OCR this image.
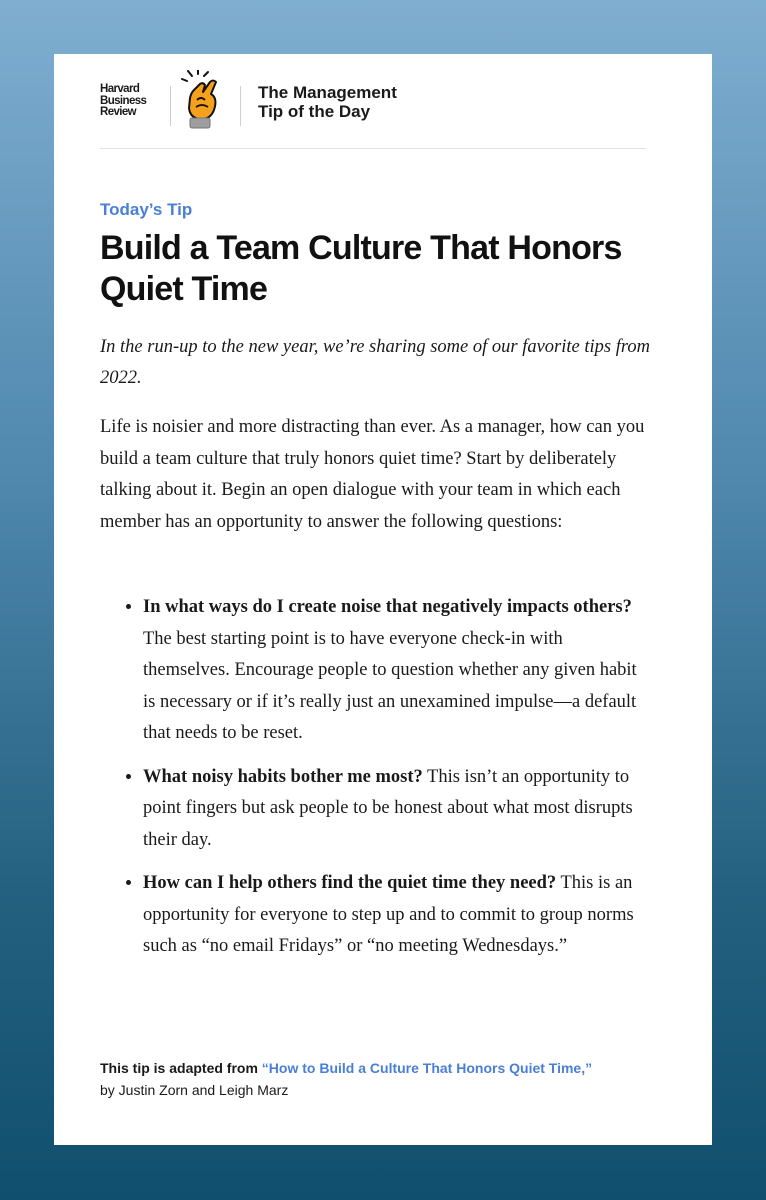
Harvard
Business
Review
The Management
Tip of the Day
Today’s Tip
Build a Team Culture That Honors Quiet Time

In the run-up to the new year, we’re sharing some of our favorite tips from 2022.

Life is noisier and more distracting than ever. As a manager, how can you build a team culture that truly honors quiet time? Start by deliberately talking about it. Begin an open dialogue with your team in which each member has an opportunity to answer the following questions:

• In what ways do I create noise that negatively impacts others? The best starting point is to have everyone check-in with themselves. Encourage people to question whether any given habit is necessary or if it’s really just an unexamined impulse—a default that needs to be reset.
• What noisy habits bother me most? This isn’t an opportunity to point fingers but ask people to be honest about what most disrupts their day.
• How can I help others find the quiet time they need? This is an opportunity for everyone to step up and to commit to group norms such as “no email Fridays” or “no meeting Wednesdays.”
This tip is adapted from “How to Build a Culture That Honors Quiet Time,”
by Justin Zorn and Leigh Marz
